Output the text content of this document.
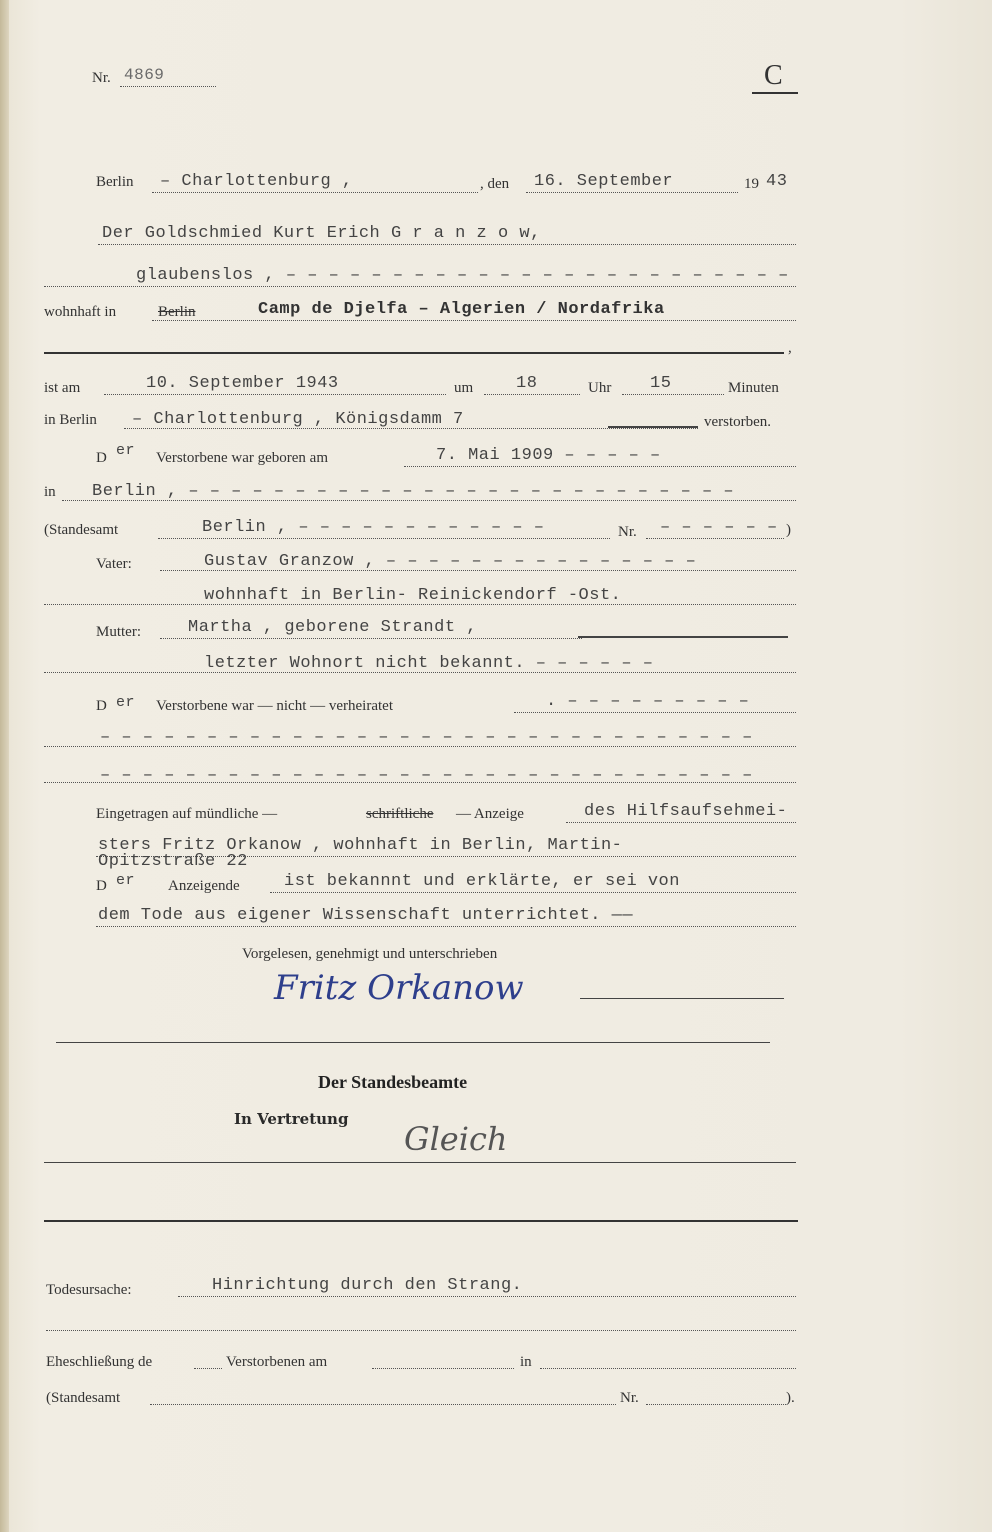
Nr. 4869	C
Berlin – Charlottenburg ,	, den 16. September	19 43
Der Goldschmied Kurt Erich G r a n z o w,
glaubenslos , – – – – – – – – – – – – – – – – – – – – – – – –
wohnhaft in	Berlin	Camp de Djelfa – Algerien / Nordafrika
,
ist am	10. September 1943	um	18	Uhr 15	Minuten
in Berlin – Charlottenburg , Königsdamm 7	verstorben.
D er Verstorbene war geboren am	7. Mai 1909 – – – – –
in Berlin , – – – – – – – – – – – – – – – – – – – – – – – – – –
(Standesamt	Berlin , – – – – – – – – – – – –	Nr. – – – – – – )
Vater:	Gustav Granzow , – – – – – – – – – – – – – – –
wohnhaft in Berlin- Reinickendorf -Ost.
Mutter:	Martha , geborene Strandt ,
letzter Wohnort nicht bekannt. – – – – – –
D er Verstorbene war — nicht — verheiratet	. – – – – – – – – –
– – – – – – – – – – – – – – – – – – – – – – – – – – – – – – –
– – – – – – – – – – – – – – – – – – – – – – – – – – – – – – –
Eingetragen auf mündliche —	schriftliche — Anzeige	des Hilfsaufsehmei-
sters Fritz Orkanow , wohnhaft in Berlin, Martin-
Opitzstraße 22
D er Anzeigende	ist bekannnt und erklärte, er sei von
dem Tode aus eigener Wissenschaft unterrichtet. ——
Vorgelesen, genehmigt und unterschrieben
Fritz Orkanow
Der Standesbeamte
In Vertretung
Gleich
Todesursache:	Hinrichtung durch den Strang.
Eheschließung de	Verstorbenen am	in
(Standesamt	Nr.	).
